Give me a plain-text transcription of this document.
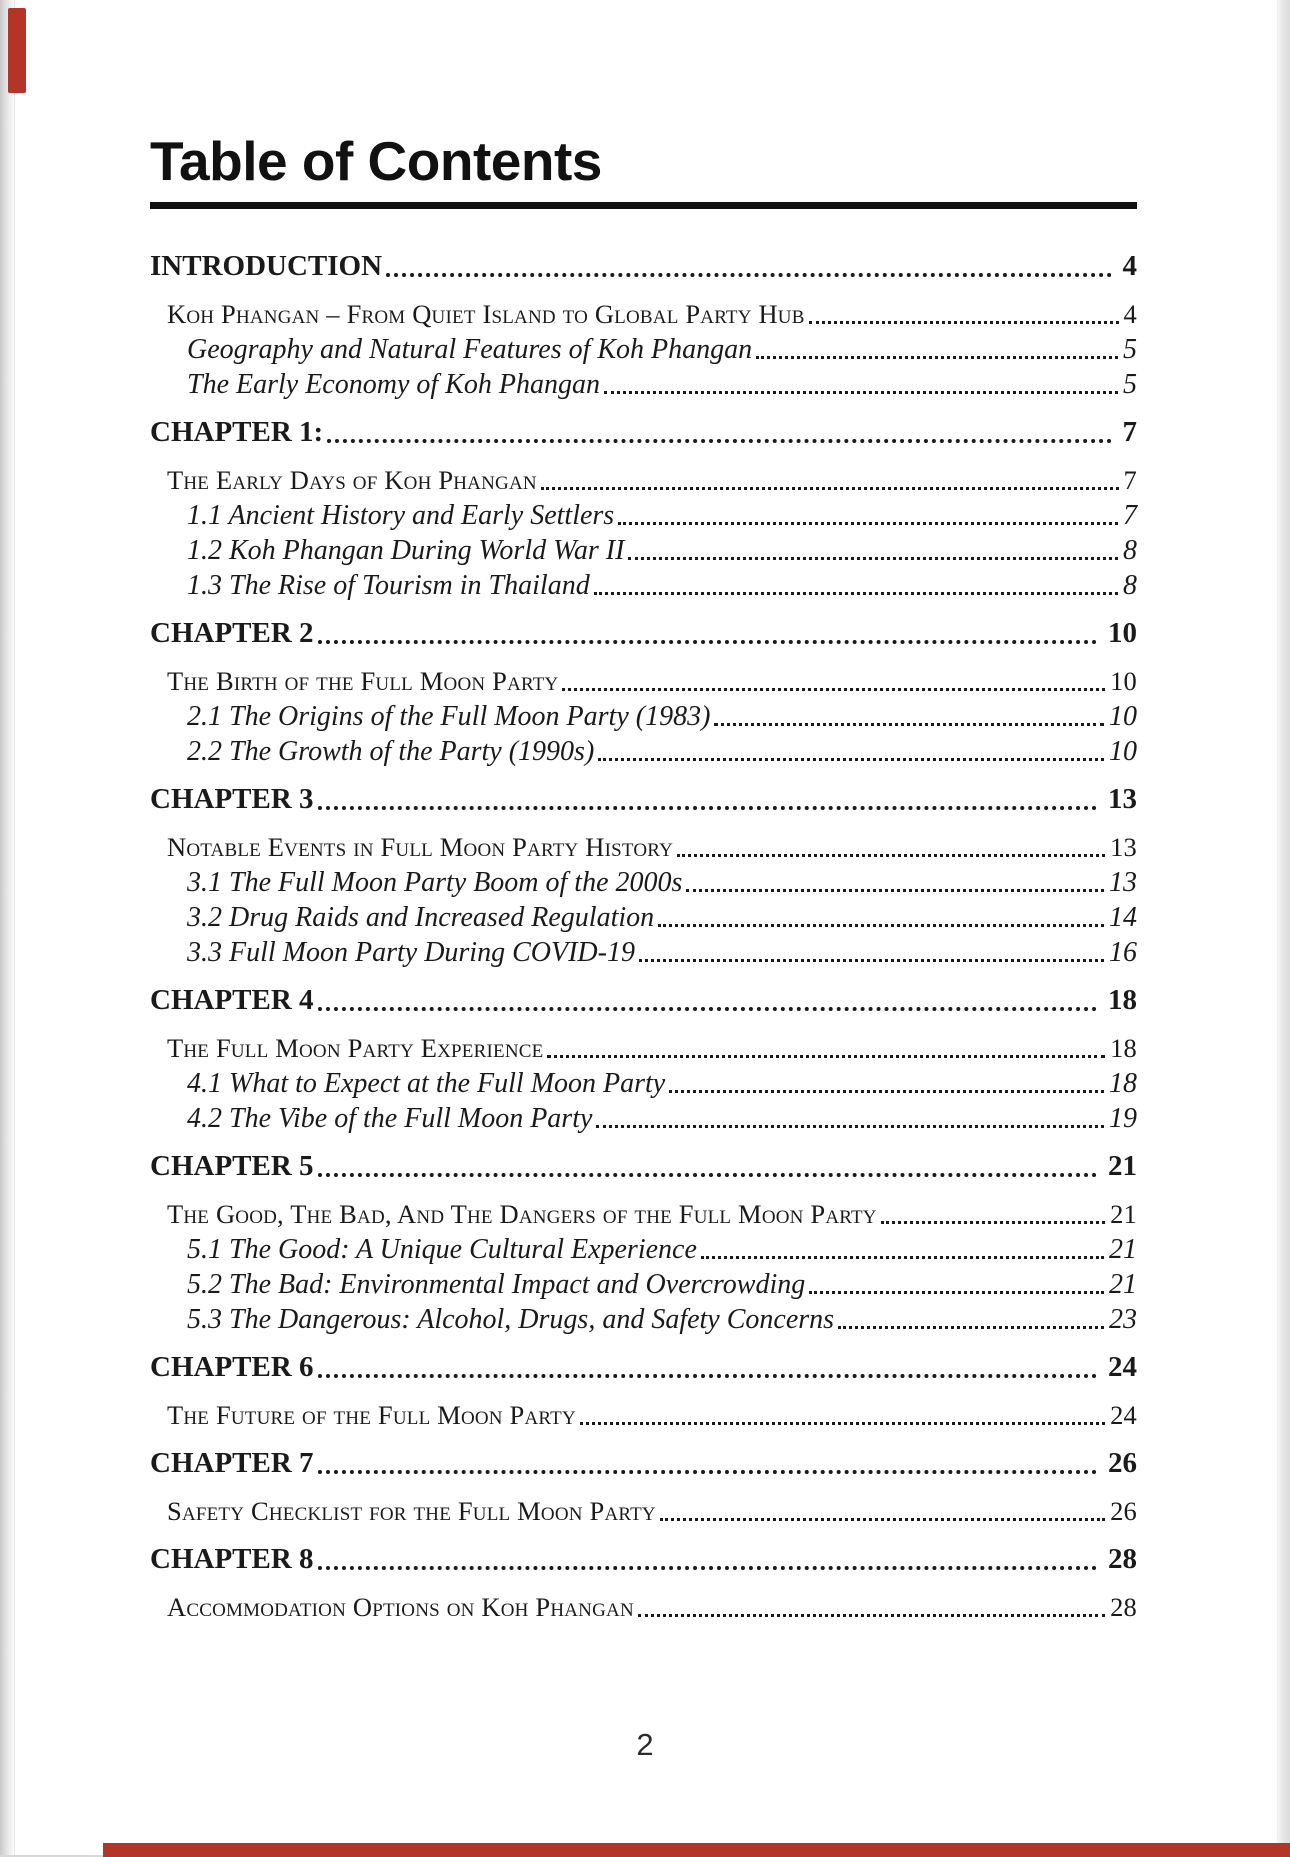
Table of Contents
INTRODUCTION	4
Koh Phangan – From Quiet Island to Global Party Hub	4
Geography and Natural Features of Koh Phangan	5
The Early Economy of Koh Phangan	5
CHAPTER 1:	7
The Early Days of Koh Phangan	7
1.1 Ancient History and Early Settlers	7
1.2 Koh Phangan During World War II	8
1.3 The Rise of Tourism in Thailand	8
CHAPTER 2	10
The Birth of the Full Moon Party	10
2.1 The Origins of the Full Moon Party (1983)	10
2.2 The Growth of the Party (1990s)	10
CHAPTER 3	13
Notable Events in Full Moon Party History	13
3.1 The Full Moon Party Boom of the 2000s	13
3.2 Drug Raids and Increased Regulation	14
3.3 Full Moon Party During COVID-19	16
CHAPTER 4	18
The Full Moon Party Experience	18
4.1 What to Expect at the Full Moon Party	18
4.2 The Vibe of the Full Moon Party	19
CHAPTER 5	21
The Good, The Bad, And The Dangers of the Full Moon Party	21
5.1 The Good: A Unique Cultural Experience	21
5.2 The Bad: Environmental Impact and Overcrowding	21
5.3 The Dangerous: Alcohol, Drugs, and Safety Concerns	23
CHAPTER 6	24
The Future of the Full Moon Party	24
CHAPTER 7	26
Safety Checklist for the Full Moon Party	26
CHAPTER 8	28
Accommodation Options on Koh Phangan	28
2
